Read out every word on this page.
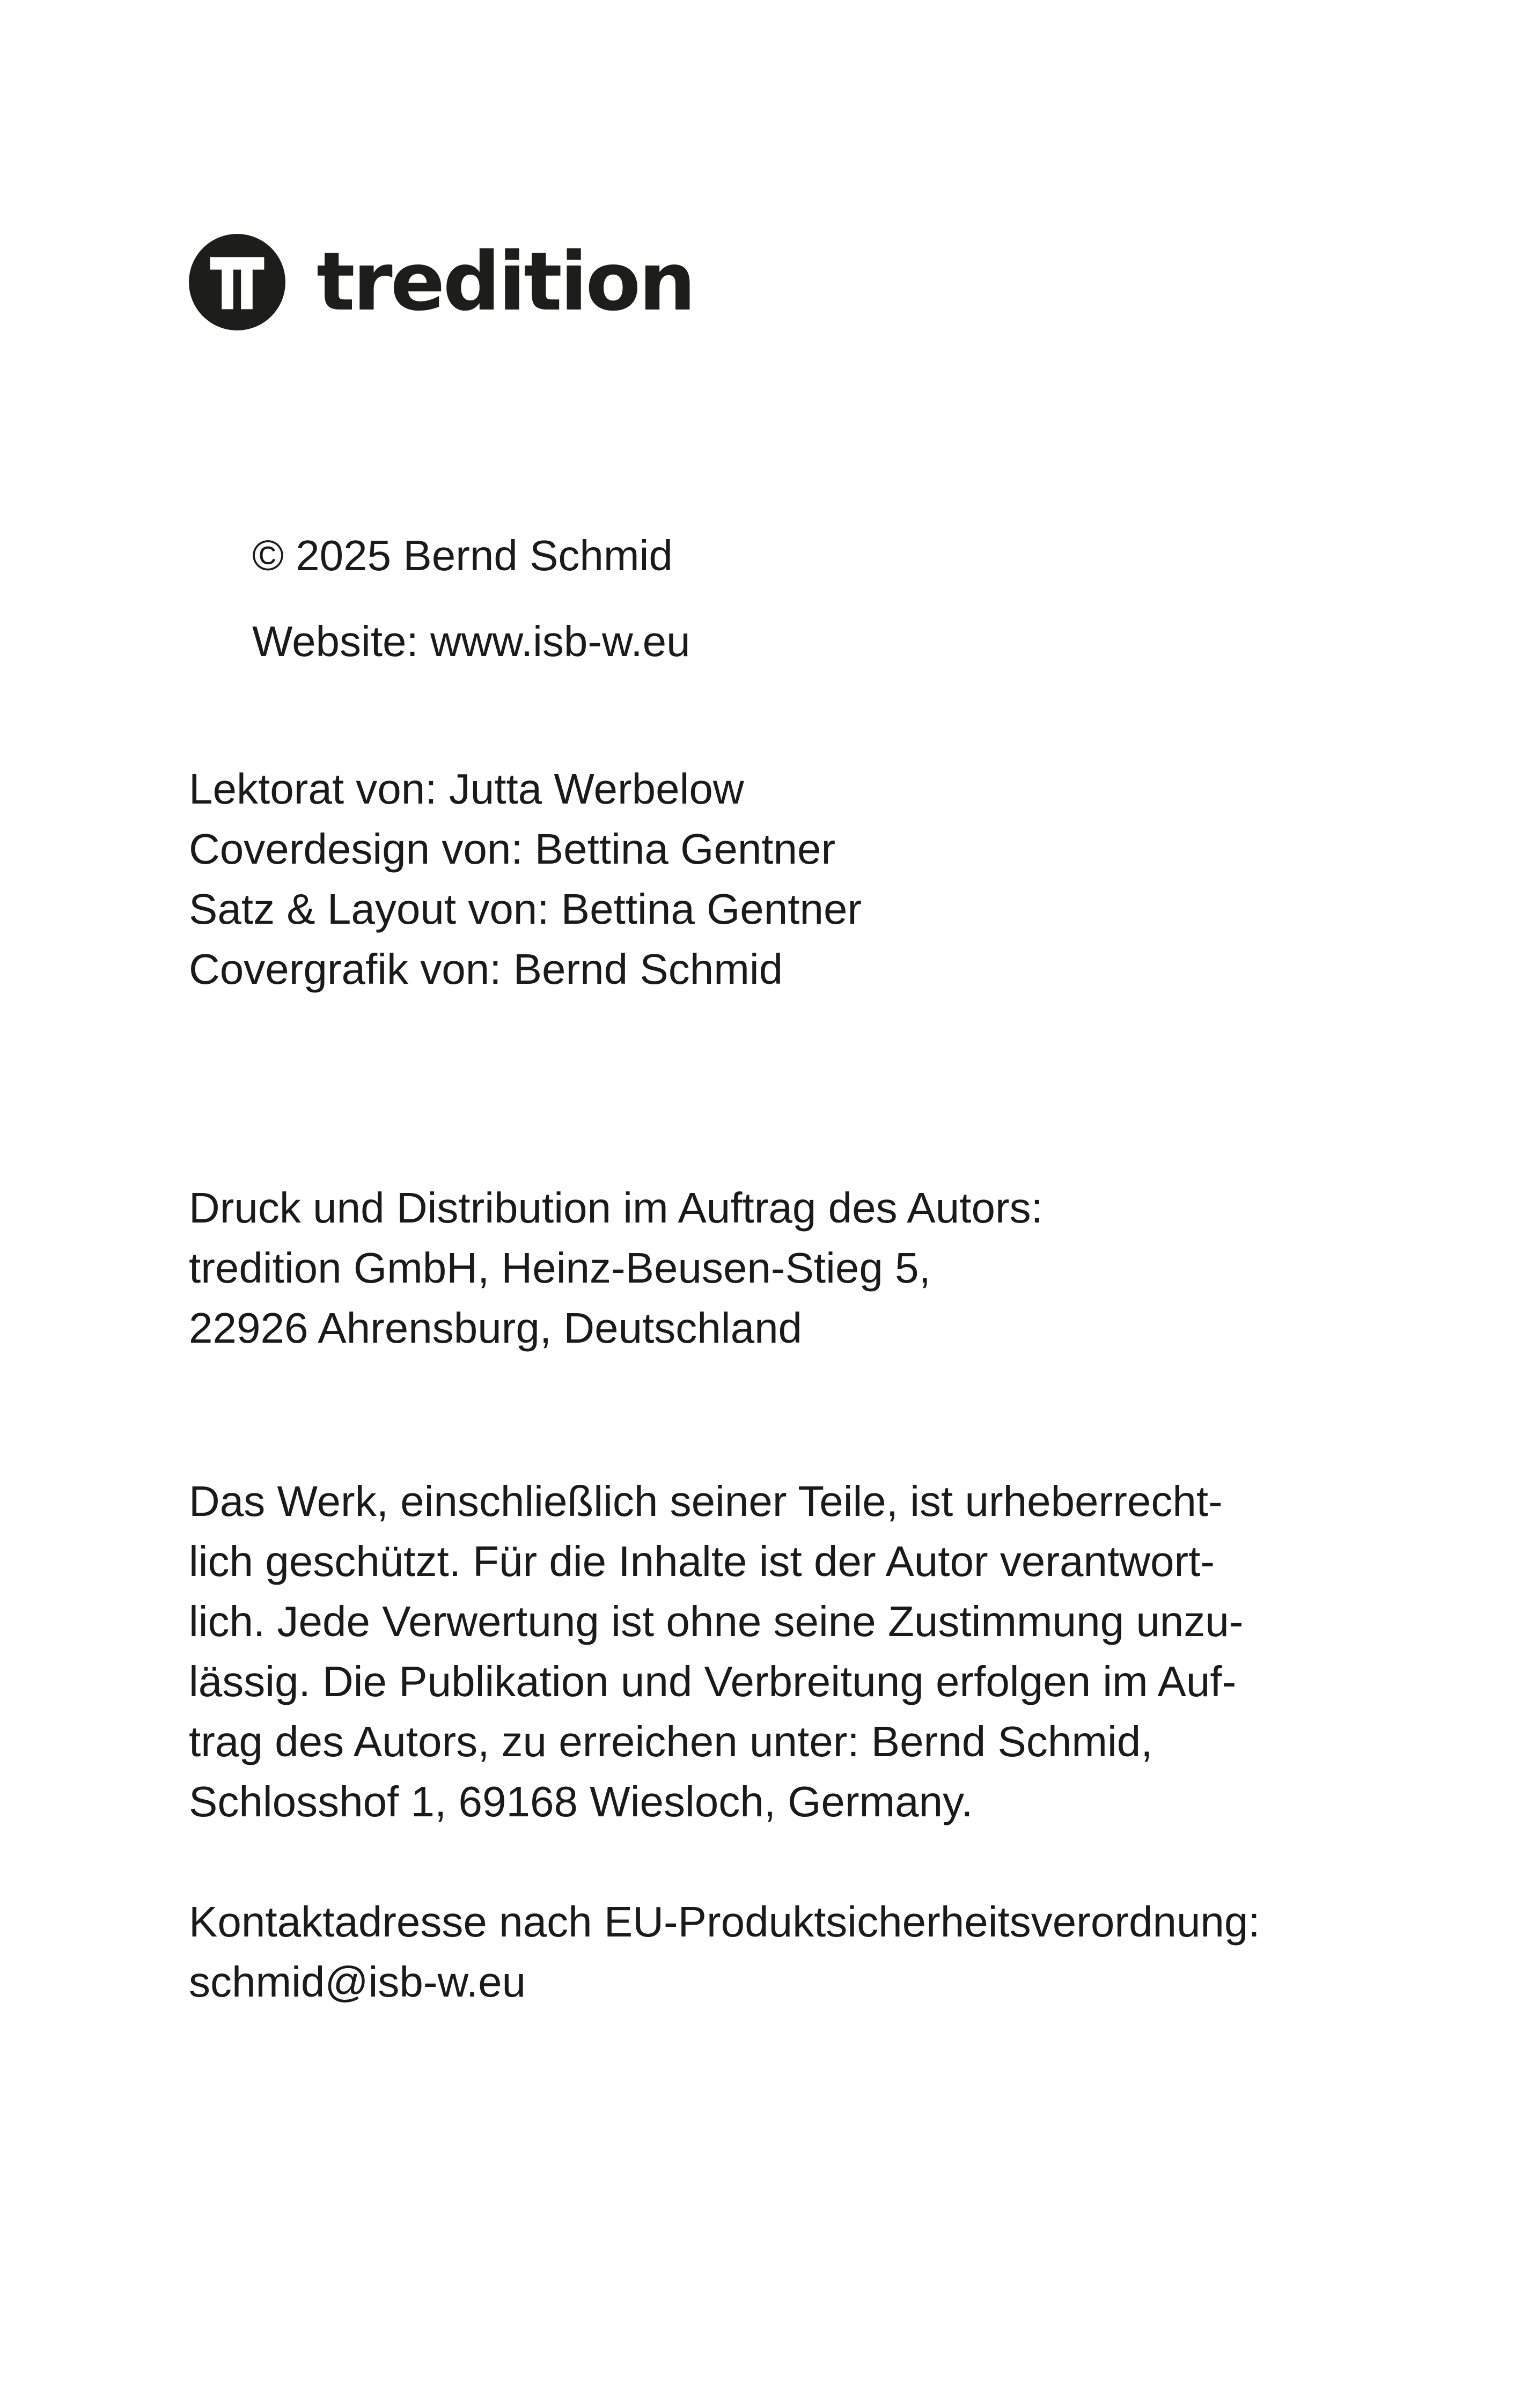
tredition
© 2025 Bernd Schmid
Website: www.isb-w.eu
Lektorat von: Jutta Werbelow
Coverdesign von: Bettina Gentner
Satz & Layout von: Bettina Gentner
Covergrafik von: Bernd Schmid
Druck und Distribution im Auftrag des Autors:
tredition GmbH, Heinz-Beusen-Stieg 5,
22926 Ahrensburg, Deutschland
Das Werk, einschließlich seiner Teile, ist urheberrecht-
lich geschützt. Für die Inhalte ist der Autor verantwort-
lich. Jede Verwertung ist ohne seine Zustimmung unzu-
lässig. Die Publikation und Verbreitung erfolgen im Auf-
trag des Autors, zu erreichen unter: Bernd Schmid,
Schlosshof 1, 69168 Wiesloch, Germany.
Kontaktadresse nach EU-Produktsicherheitsverordnung:
schmid@isb-w.eu
